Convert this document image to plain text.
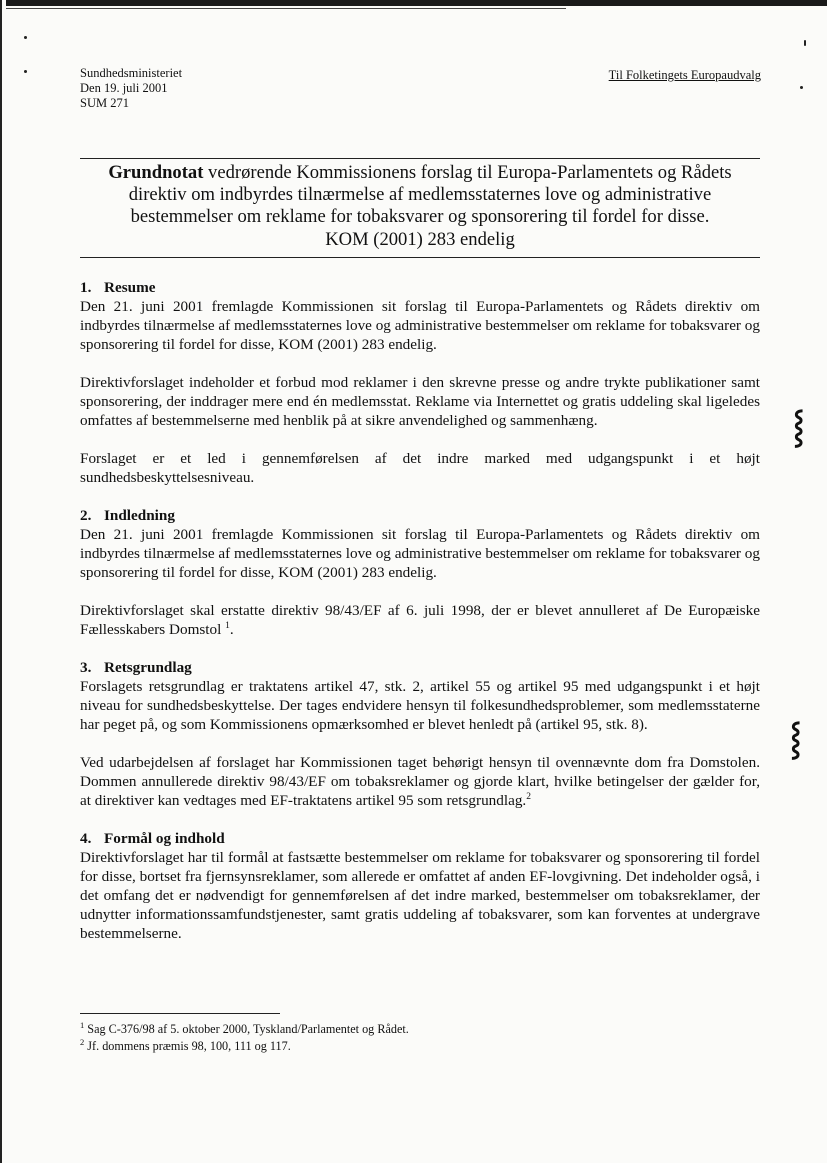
⸾
⸾
Sundhedsministeriet
Den 19. juli 2001
SUM 271
Til Folketingets Europaudvalg
Grundnotat vedrørende Kommissionens forslag til Europa-Parlamentets og Rådets direktiv om indbyrdes tilnærmelse af medlemsstaternes love og administrative bestemmelser om reklame for tobaksvarer og sponsorering til fordel for disse.
KOM (2001) 283 endelig
1. Resume

Den 21. juni 2001 fremlagde Kommissionen sit forslag til Europa-Parlamentets og Rådets direktiv om indbyrdes tilnærmelse af medlemsstaternes love og administrative bestemmelser om reklame for tobaksvarer og sponsorering til fordel for disse, KOM (2001) 283 endelig.

Direktivforslaget indeholder et forbud mod reklamer i den skrevne presse og andre trykte publikationer samt sponsorering, der inddrager mere end én medlemsstat. Reklame via Internettet og gratis uddeling skal ligeledes omfattes af bestemmelserne med henblik på at sikre anvendelighed og sammenhæng.

Forslaget er et led i gennemførelsen af det indre marked med udgangspunkt i et højt sundhedsbeskyttelsesniveau.

2. Indledning

Den 21. juni 2001 fremlagde Kommissionen sit forslag til Europa-Parlamentets og Rådets direktiv om indbyrdes tilnærmelse af medlemsstaternes love og administrative bestemmelser om reklame for tobaksvarer og sponsorering til fordel for disse, KOM (2001) 283 endelig.

Direktivforslaget skal erstatte direktiv 98/43/EF af 6. juli 1998, der er blevet annulleret af De Europæiske Fællesskabers Domstol $^1$.

3. Retsgrundlag

Forslagets retsgrundlag er traktatens artikel 47, stk. 2, artikel 55 og artikel 95 med udgangspunkt i et højt niveau for sundhedsbeskyttelse. Der tages endvidere hensyn til folkesundhedsproblemer, som medlemsstaterne har peget på, og som Kommissionens opmærksomhed er blevet henledt på (artikel 95, stk. 8).

Ved udarbejdelsen af forslaget har Kommissionen taget behørigt hensyn til ovennævnte dom fra Domstolen. Dommen annullerede direktiv 98/43/EF om tobaksreklamer og gjorde klart, hvilke betingelser der gælder for, at direktiver kan vedtages med EF-traktatens artikel 95 som retsgrundlag.$^2$

4. Formål og indhold

Direktivforslaget har til formål at fastsætte bestemmelser om reklame for tobaksvarer og sponsorering til fordel for disse, bortset fra fjernsynsreklamer, som allerede er omfattet af anden EF-lovgivning. Det indeholder også, i det omfang det er nødvendigt for gennemførelsen af det indre marked, bestemmelser om tobaksreklamer, der udnytter informationssamfundstjenester, samt gratis uddeling af tobaksvarer, som kan forventes at undergrave bestemmelserne.

$^1$ Sag C-376/98 af 5. oktober 2000, Tyskland/Parlamentet og Rådet.
$^2$ Jf. dommens præmis 98, 100, 111 og 117.
